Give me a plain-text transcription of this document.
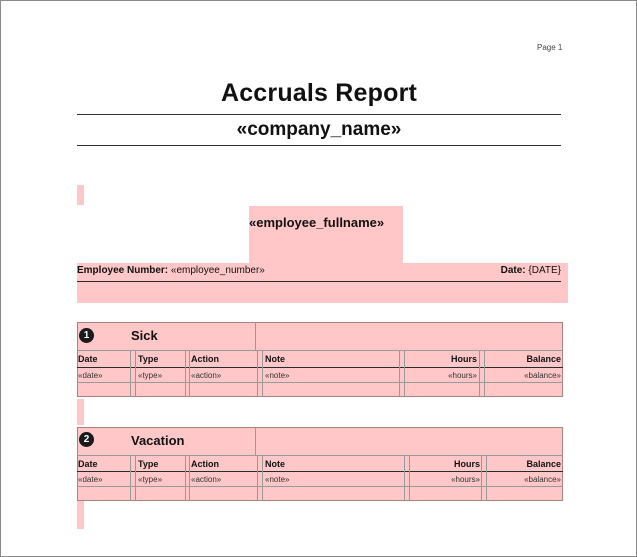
Page 1
Accruals Report
«company_name»
«employee_fullname»
Employee Number: «employee_number»	Date: {DATE}
1	Sick
Date	Type	Action	Note	Hours	Balance
«date»	«type»	«action»	«note»	«hours»	«balance»
2	Vacation
Date	Type	Action	Note	Hours	Balance
«date»	«type»	«action»	«note»	«hours»	«balance»
